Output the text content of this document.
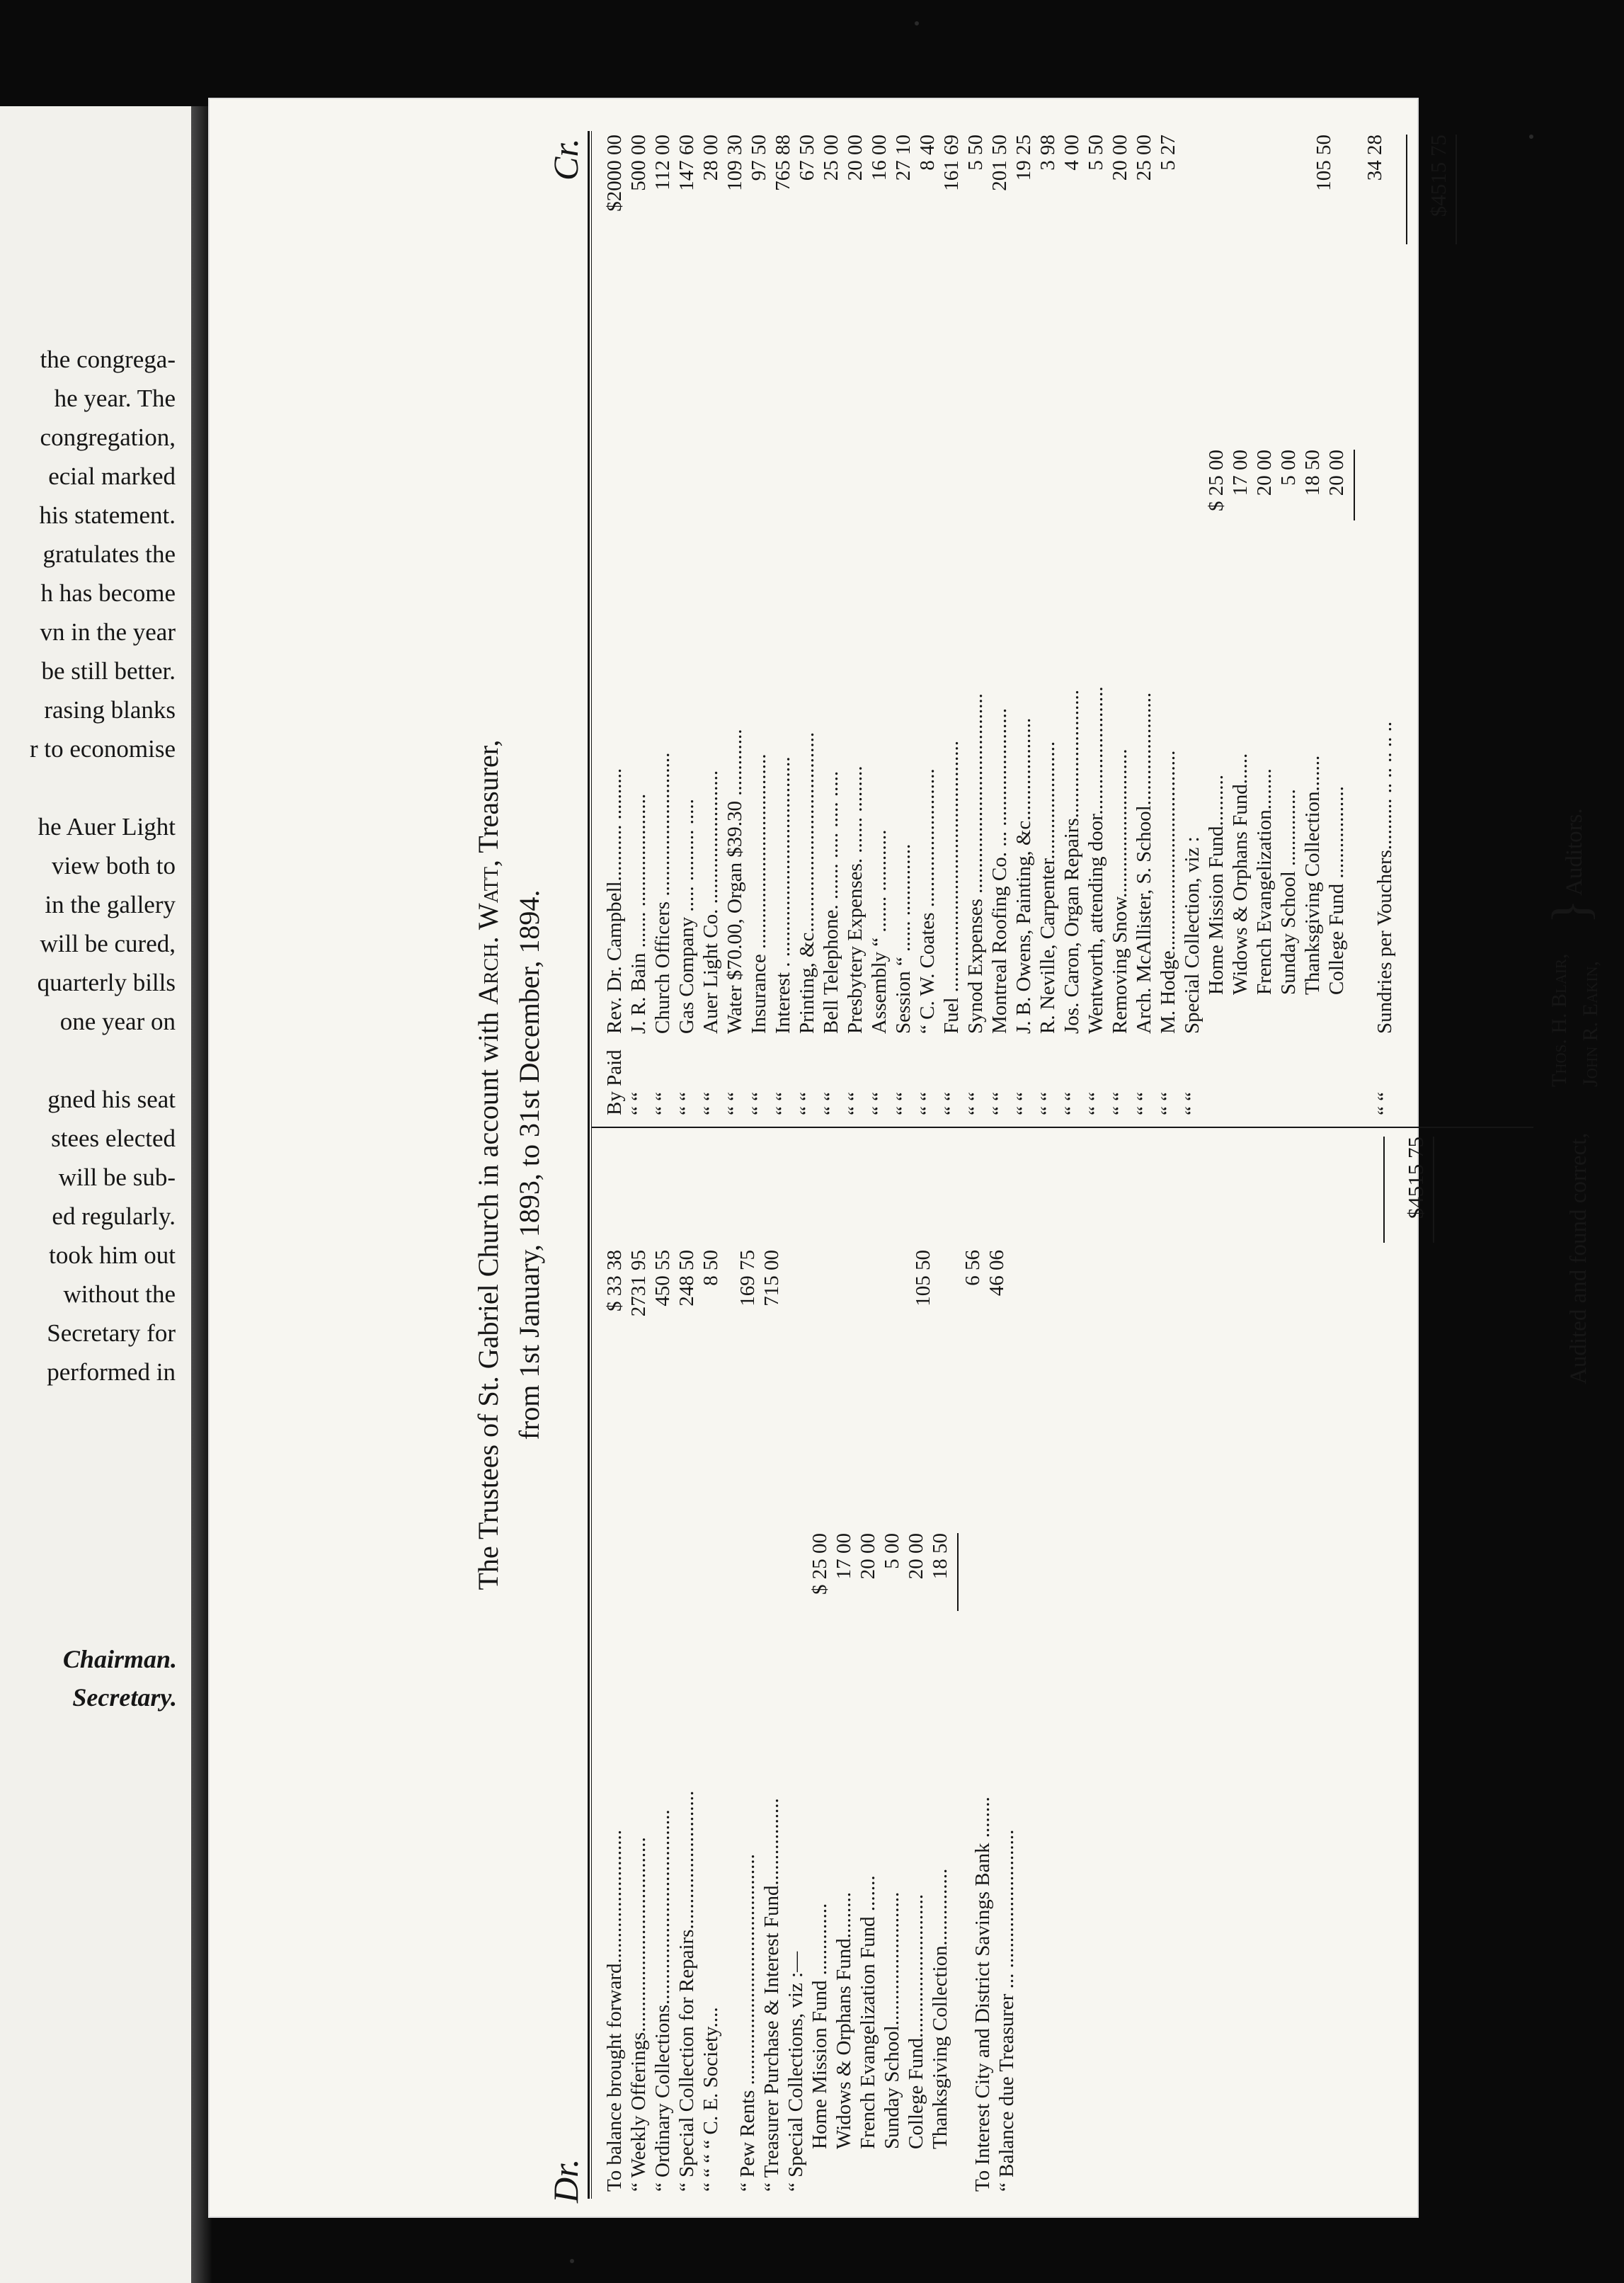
the congrega-
he year. The
congregation,
ecial marked
his statement.
gratulates the
h has become
vn in the year
be still better.
rasing blanks
r to economise
he Auer Light
view both to
in the gallery
will be cured,
quarterly bills
one year on
gned his seat
stees elected
will be sub-
ed regularly.
took him out
without the
Secretary for
performed in
Chairman.
Secretary.
The Trustees of St. Gabriel Church in account with Arch. Watt, Treasurer,
from 1st January, 1893, to 31st December, 1894.
Dr.
Cr.
To balance brought forward..........................
$ 33 38
“ Weekly Offerings......................................
2731 95
“ Ordinary Collections......................................
450 55
“ Special Collection for Repairs...........................
248 50
“ “ “ “ C. E. Society....
8 50
“ Pew Rents .............................................
169 75
“ Treasurer Purchase & Interest Fund.................
715 00
“ Special Collections, viz :— Home Mission Fund ..............
$ 25 00
Widows & Orphans Fund.........
17 00
French Evangelization Fund .......
20 00
Sunday School..........................
5 00
College Fund............................
20 00
Thanksgiving Collection...............
18 50
105 50
To Interest City and District Savings Bank ........
6 56
“ Balance due Treasurer ... ...........................
46 06
$4515 75
By Paid
Rev. Dr. Campbell........... ..........
$2000 00
“ “
J. R. Bain ....... ......................
500 00
“ “
Church Officers ............................
112 00
“ “
Gas Company ..... .......... .....
147 60
“ “
Auer Light Co. ..........................
28 00
“ “
Water $70.00, Organ $39.30 .............
109 30
“ “
Insurance ......................................
97 50
“ “
Interest . .......................................
765 88
“ “
Printing, &c.......................................
67 50
“ “
Bell Telephone. ....... ..... ..... .....
25 00
“ “
Presbytery Expenses. ....... .........
20 00
“ “
Assembly “ ....... ............
16 00
“ “
Session “ ...... ..............
27 10
“ “
“ C. W. Coates ...........................
8 40
“ “
Fuel .................................................
161 69
“ “
Synod Expenses .......................................
5 50
“ “
Montreal Roofing Co. ... .......................
201 50
“ “
J. B. Owens, Painting, &c....................
19 25
“ “
R. Neville, Carpenter.......................
3 98
“ “
Jos. Caron, Organ Repairs.........................
4 00
“ “
Wentworth, attending door.........................
5 50
“ “
Removing Snow.............................
20 00
“ “
Arch. McAllister, S. School......................
25 00
“ “
M. Hodge.......................................
5 27
“ “
Special Collection, viz : Home Mission Fund..........
$ 25 00
Widows & Orphans Fund......
17 00
French Evangelization........
20 00
Sunday School ...............
5 00
Thanksgiving Collection.......
18 50
College Fund ..................
20 00
105 50
“ “
Sundries per Vouchers.......... .. .. .. .. ..
34 28 $4515 75
Audited and found correct,
Thos. H. Blair, John R. Eakin,
}
Auditors.
